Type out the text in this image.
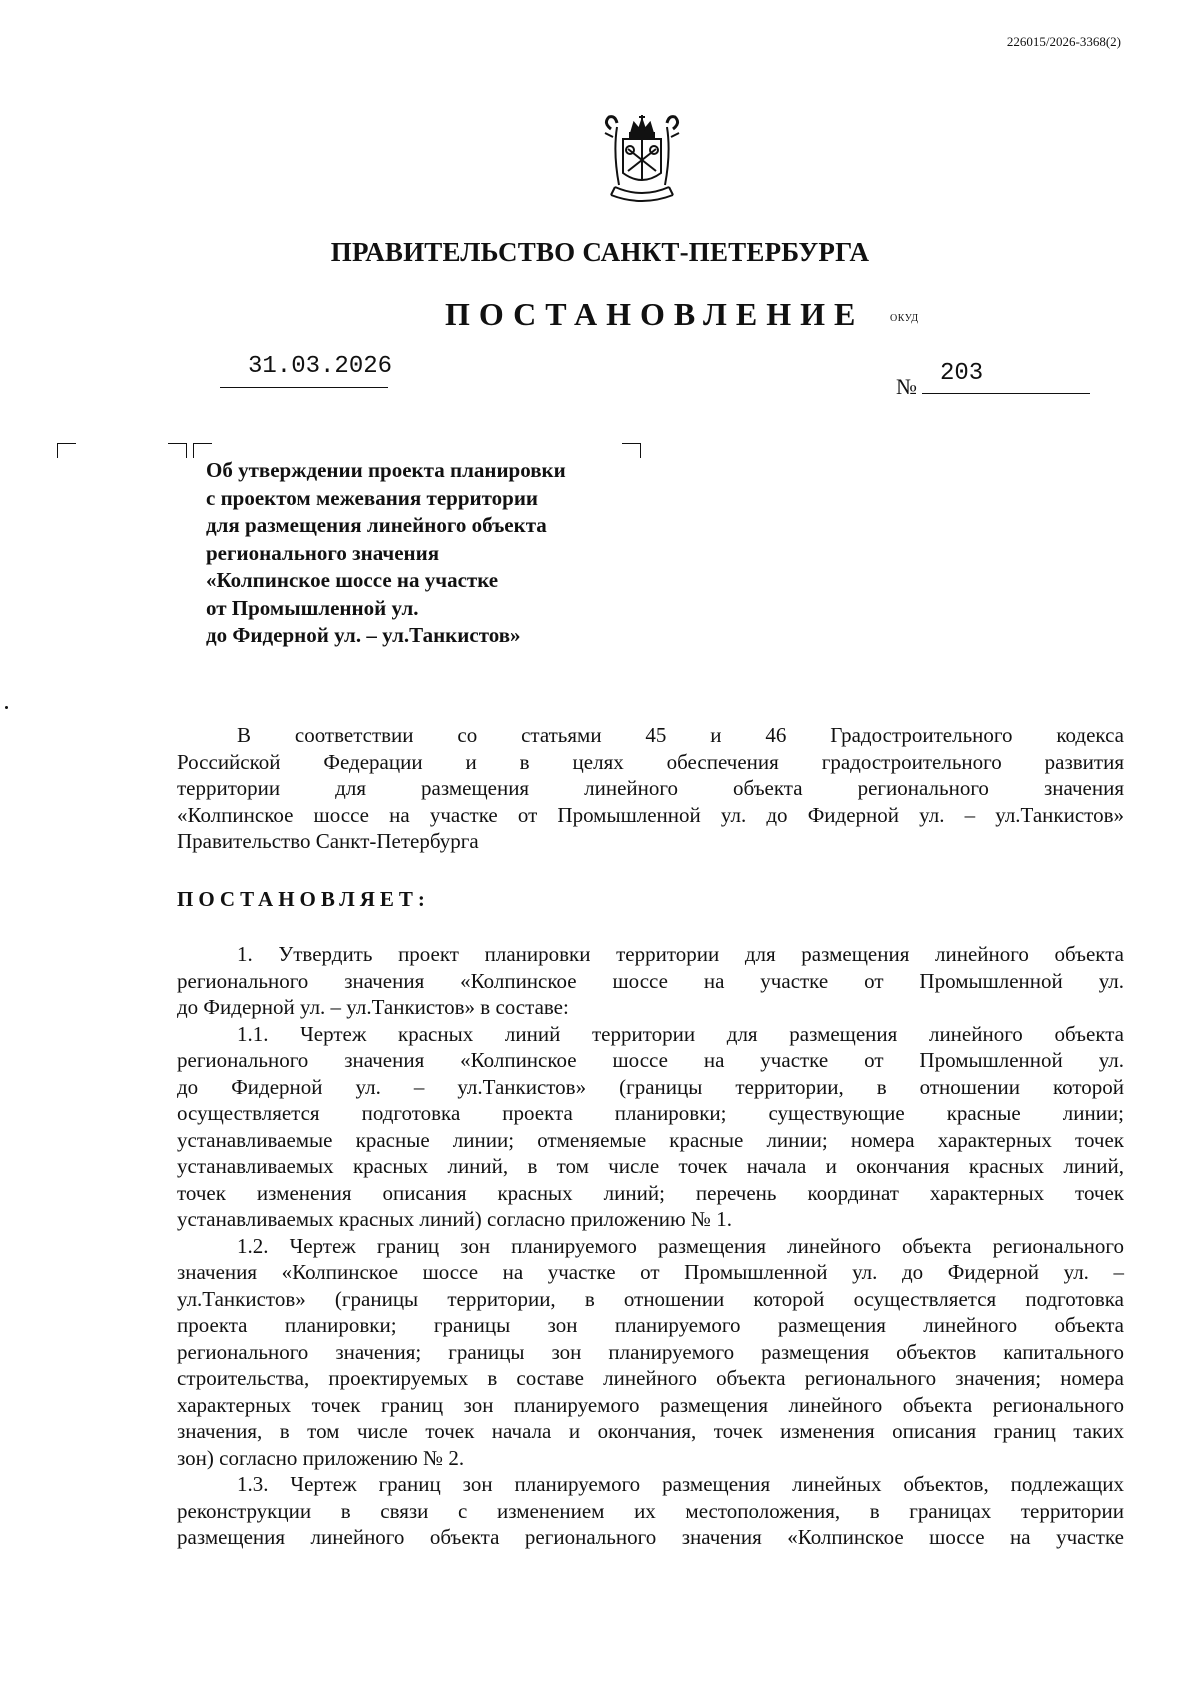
226015/2026-3368(2)
ПРАВИТЕЛЬСТВО САНКТ-ПЕТЕРБУРГА
ПОСТАНОВЛЕНИЕ	ОКУД
31.03.2026
№ 203
Об утверждении проекта планировки
с проектом межевания территории
для размещения линейного объекта
регионального значения
«Колпинское шоссе на участке
от Промышленной ул.
до Фидерной ул. – ул.Танкистов»
В соответствии со статьями 45 и 46 Градостроительного кодекса
Российской Федерации и в целях обеспечения градостроительного развития
территории для размещения линейного объекта регионального значения
«Колпинское шоссе на участке от Промышленной ул. до Фидерной ул. – ул.Танкистов»
Правительство Санкт-Петербурга
ПОСТАНОВЛЯЕТ:
1. Утвердить проект планировки территории для размещения линейного объекта
регионального значения «Колпинское шоссе на участке от Промышленной ул.
до Фидерной ул. – ул.Танкистов» в составе:
1.1. Чертеж красных линий территории для размещения линейного объекта
регионального значения «Колпинское шоссе на участке от Промышленной ул.
до Фидерной ул. – ул.Танкистов» (границы территории, в отношении которой
осуществляется подготовка проекта планировки; существующие красные линии;
устанавливаемые красные линии; отменяемые красные линии; номера характерных точек
устанавливаемых красных линий, в том числе точек начала и окончания красных линий,
точек изменения описания красных линий; перечень координат характерных точек
устанавливаемых красных линий) согласно приложению № 1.
1.2. Чертеж границ зон планируемого размещения линейного объекта регионального
значения «Колпинское шоссе на участке от Промышленной ул. до Фидерной ул. –
ул.Танкистов» (границы территории, в отношении которой осуществляется подготовка
проекта планировки; границы зон планируемого размещения линейного объекта
регионального значения; границы зон планируемого размещения объектов капитального
строительства, проектируемых в составе линейного объекта регионального значения; номера
характерных точек границ зон планируемого размещения линейного объекта регионального
значения, в том числе точек начала и окончания, точек изменения описания границ таких
зон) согласно приложению № 2.
1.3. Чертеж границ зон планируемого размещения линейных объектов, подлежащих
реконструкции в связи с изменением их местоположения, в границах территории
размещения линейного объекта регионального значения «Колпинское шоссе на участке
